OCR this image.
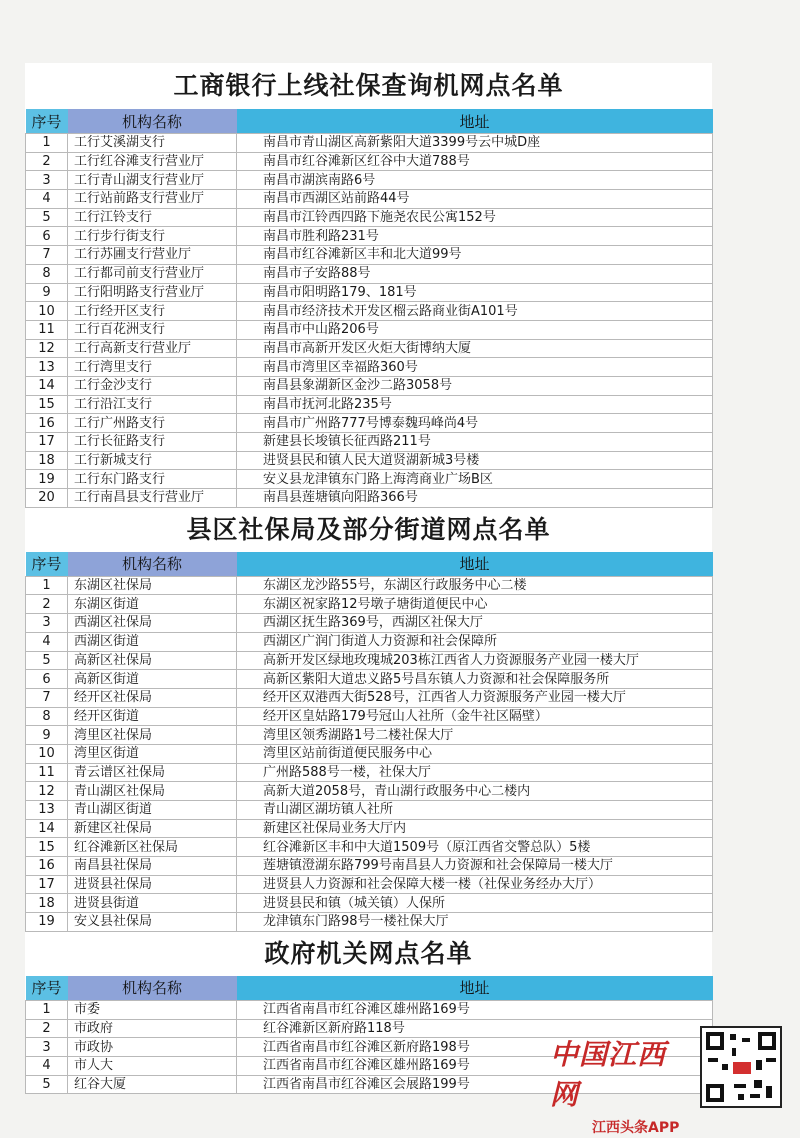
工商银行上线社保查询机网点名单
序号	机构名称	地址
1	工行艾溪湖支行	南昌市青山湖区高新紫阳大道3399号云中城D座
2	工行红谷滩支行营业厅	南昌市红谷滩新区红谷中大道788号
3	工行青山湖支行营业厅	南昌市湖滨南路6号
4	工行站前路支行营业厅	南昌市西湖区站前路44号
5	工行江铃支行	南昌市江铃西四路下施尧农民公寓152号
6	工行步行街支行	南昌市胜利路231号
7	工行苏圃支行营业厅	南昌市红谷滩新区丰和北大道99号
8	工行都司前支行营业厅	南昌市子安路88号
9	工行阳明路支行营业厅	南昌市阳明路179、181号
10	工行经开区支行	南昌市经济技术开发区榴云路商业街A101号
11	工行百花洲支行	南昌市中山路206号
12	工行高新支行营业厅	南昌市高新开发区火炬大街博纳大厦
13	工行湾里支行	南昌市湾里区幸福路360号
14	工行金沙支行	南昌县象湖新区金沙二路3058号
15	工行沿江支行	南昌市抚河北路235号
16	工行广州路支行	南昌市广州路777号博泰魏玛峰尚4号
17	工行长征路支行	新建县长埈镇长征西路211号
18	工行新城支行	进贤县民和镇人民大道贤湖新城3号楼
19	工行东门路支行	安义县龙津镇东门路上海湾商业广场B区
20	工行南昌县支行营业厅	南昌县莲塘镇向阳路366号
县区社保局及部分街道网点名单
序号	机构名称	地址
1	东湖区社保局	东湖区龙沙路55号，东湖区行政服务中心二楼
2	东湖区街道	东湖区祝家路12号墩子塘街道便民中心
3	西湖区社保局	西湖区抚生路369号，西湖区社保大厅
4	西湖区街道	西湖区广润门街道人力资源和社会保障所
5	高新区社保局	高新开发区绿地玫瑰城203栋江西省人力资源服务产业园一楼大厅
6	高新区街道	高新区紫阳大道忠义路5号昌东镇人力资源和社会保障服务所
7	经开区社保局	经开区双港西大街528号，江西省人力资源服务产业园一楼大厅
8	经开区街道	经开区皇姑路179号冠山人社所（金牛社区隔壁）
9	湾里区社保局	湾里区领秀湖路1号二楼社保大厅
10	湾里区街道	湾里区站前街道便民服务中心
11	青云谱区社保局	广州路588号一楼，社保大厅
12	青山湖区社保局	高新大道2058号，青山湖行政服务中心二楼内
13	青山湖区街道	青山湖区湖坊镇人社所
14	新建区社保局	新建区社保局业务大厅内
15	红谷滩新区社保局	红谷滩新区丰和中大道1509号（原江西省交警总队）5楼
16	南昌县社保局	莲塘镇澄湖东路799号南昌县人力资源和社会保障局一楼大厅
17	进贤县社保局	进贤县人力资源和社会保障大楼一楼（社保业务经办大厅）
18	进贤县街道	进贤县民和镇（城关镇）人保所
19	安义县社保局	龙津镇东门路98号一楼社保大厅
政府机关网点名单
序号	机构名称	地址
1	市委	江西省南昌市红谷滩区雄州路169号
2	市政府	红谷滩新区新府路118号
3	市政协	江西省南昌市红谷滩区新府路198号
4	市人大	江西省南昌市红谷滩区雄州路169号
5	红谷大厦	江西省南昌市红谷滩区会展路199号
中国江西网
江西头条APP
